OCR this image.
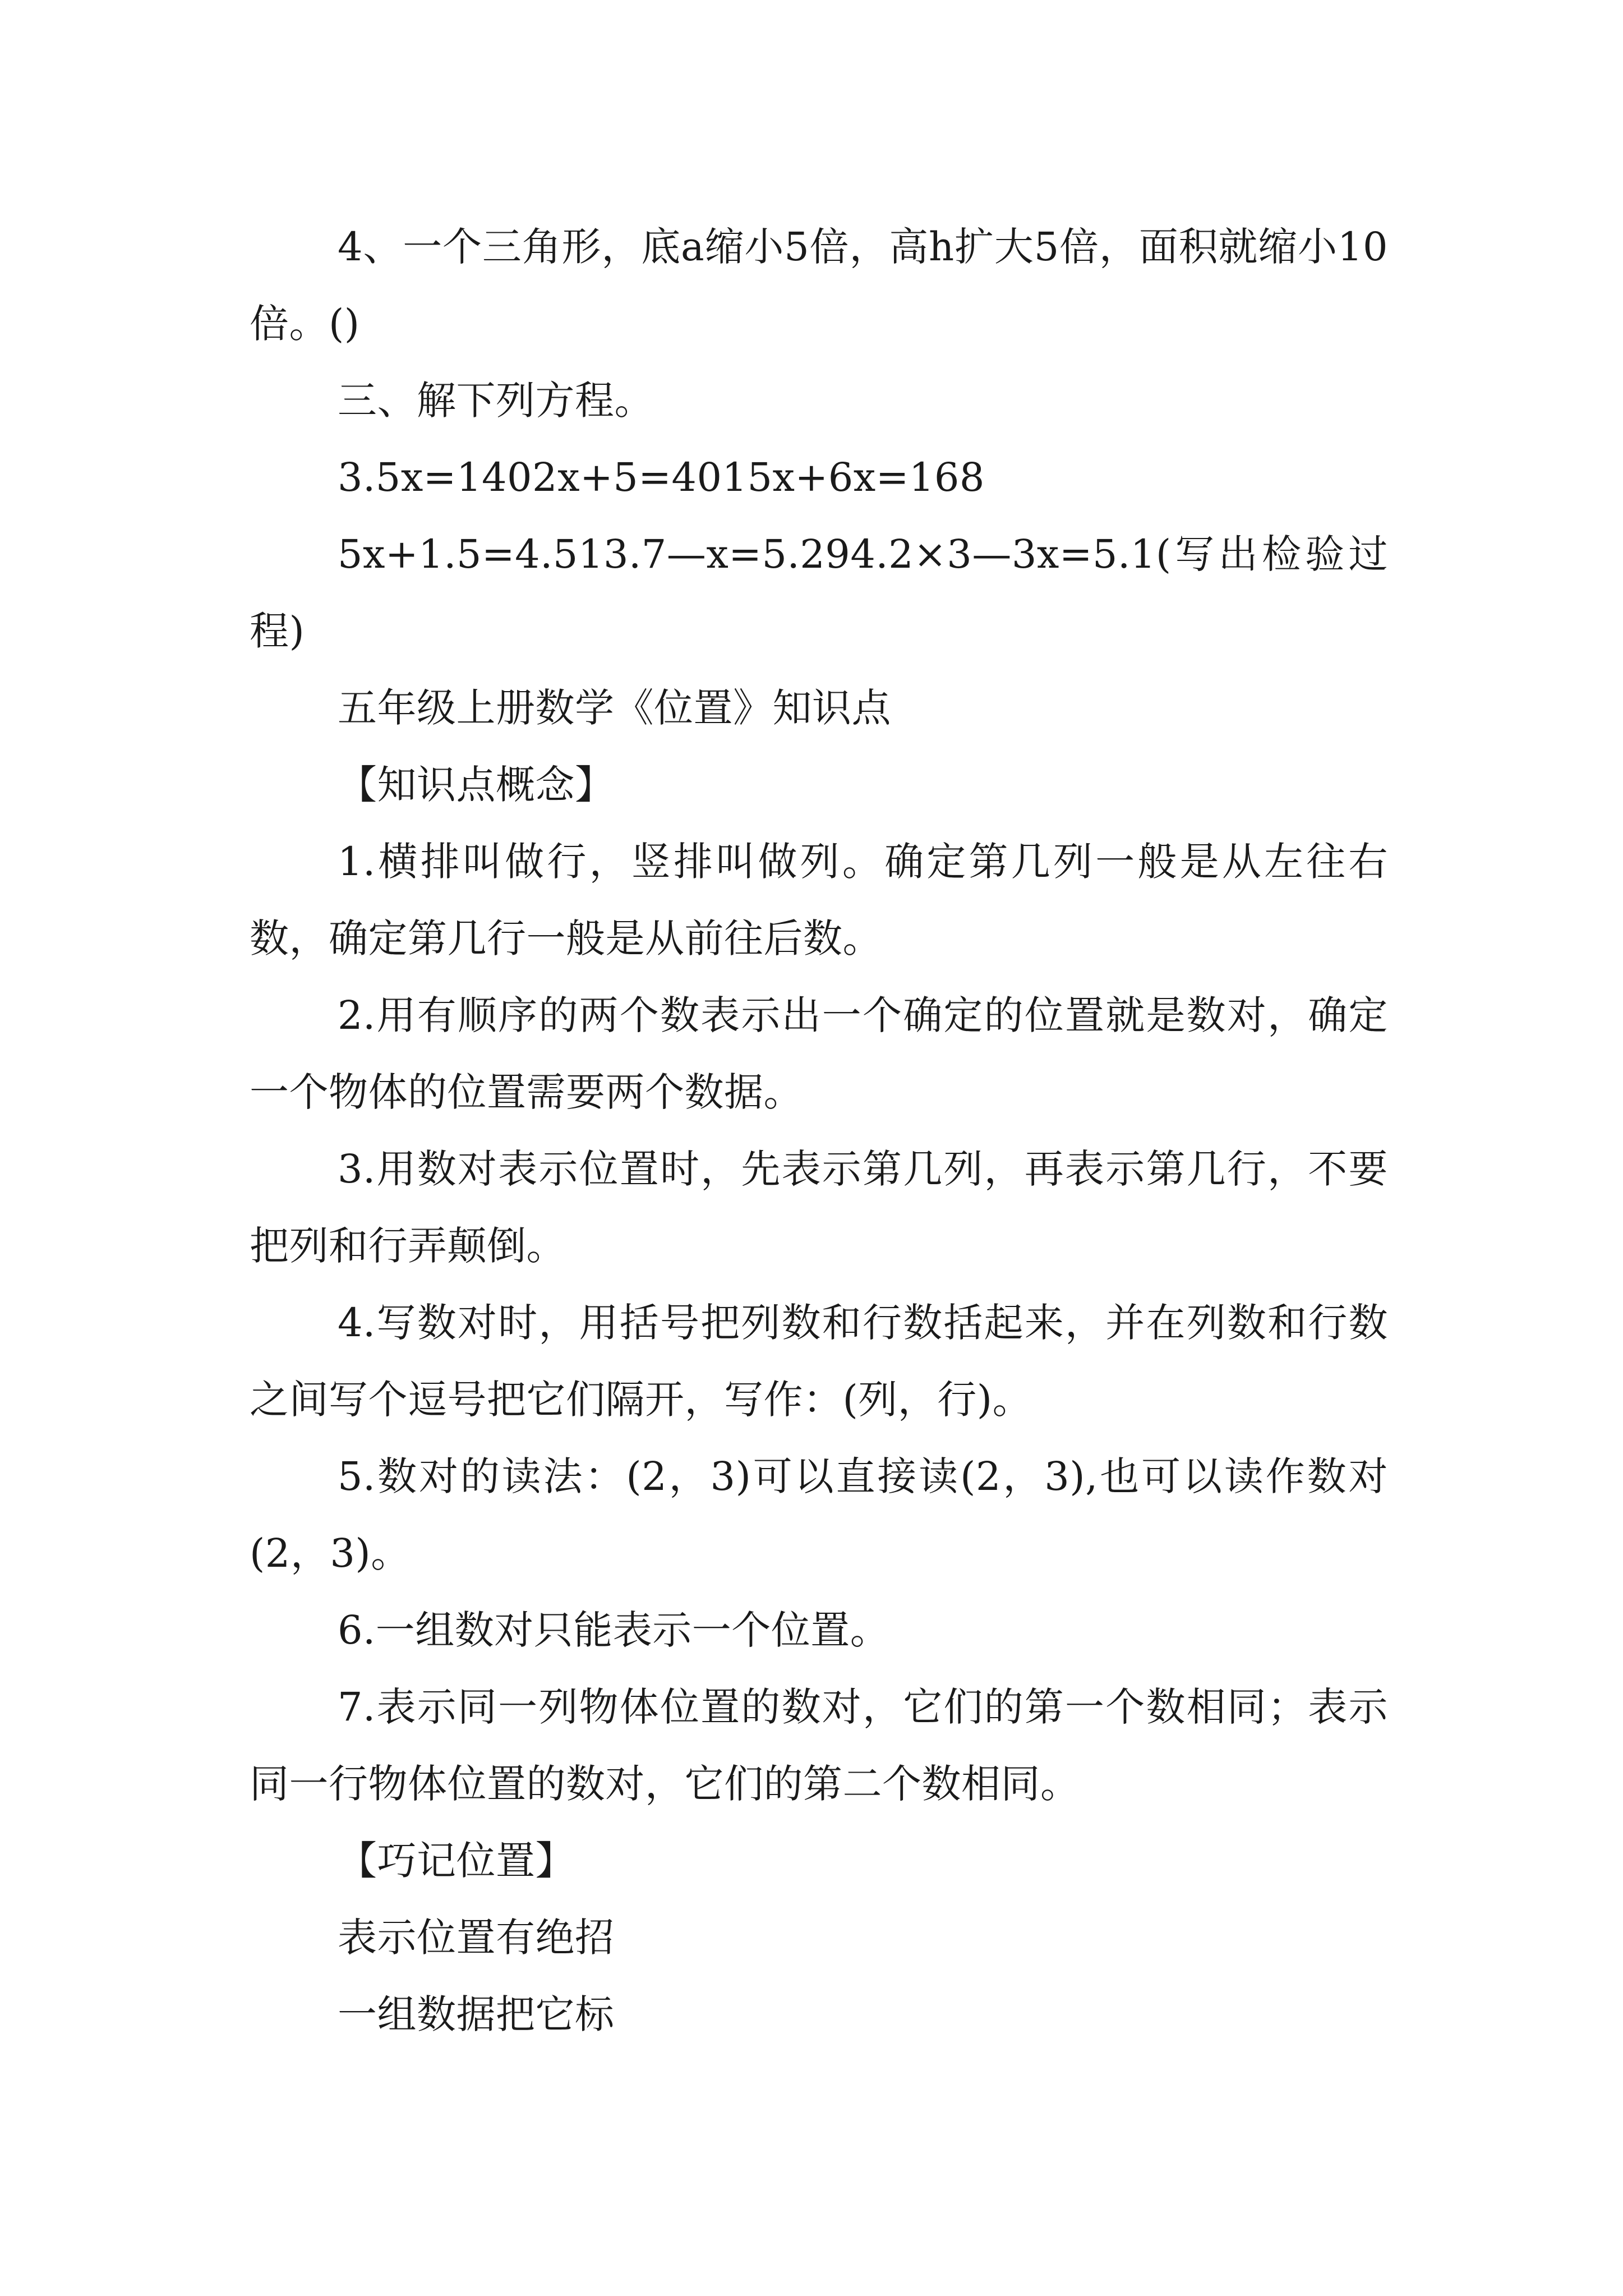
4、一个三角形，底a缩小5倍，高h扩大5倍，面积就缩小10倍。()

三、解下列方程。

3.5x=1402x+5=4015x+6x=168

5x+1.5=4.513.7—x=5.294.2×3—3x=5.1(写出检验过程)

五年级上册数学《位置》知识点

【知识点概念】

1.横排叫做行，竖排叫做列。确定第几列一般是从左往右数，确定第几行一般是从前往后数。

2.用有顺序的两个数表示出一个确定的位置就是数对，确定一个物体的位置需要两个数据。

3.用数对表示位置时，先表示第几列，再表示第几行，不要把列和行弄颠倒。

4.写数对时，用括号把列数和行数括起来，并在列数和行数之间写个逗号把它们隔开，写作：(列，行)。

5.数对的读法：(2，3)可以直接读(2，3),也可以读作数对(2，3)。

6.一组数对只能表示一个位置。

7.表示同一列物体位置的数对，它们的第一个数相同；表示同一行物体位置的数对，它们的第二个数相同。

【巧记位置】

表示位置有绝招

一组数据把它标
